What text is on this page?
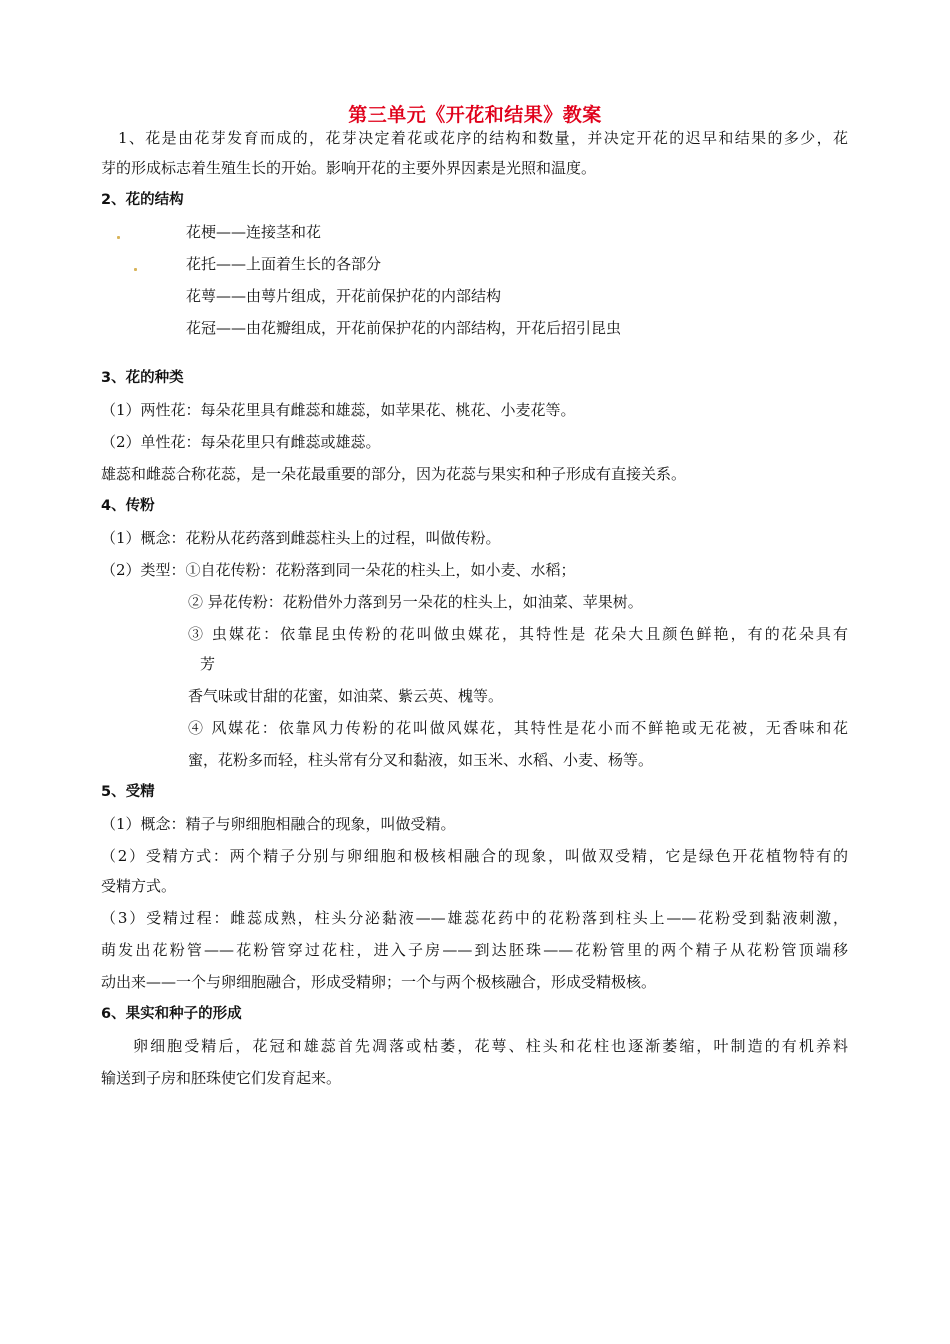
第三单元《开花和结果》教案
1、花是由花芽发育而成的，花芽决定着花或花序的结构和数量，并决定开花的迟早和结果的多少，花
芽的形成标志着生殖生长的开始。影响开花的主要外界因素是光照和温度。
2、花的结构
花梗——连接茎和花
花托——上面着生长的各部分
花萼——由萼片组成，开花前保护花的内部结构
花冠——由花瓣组成，开花前保护花的内部结构，开花后招引昆虫
3、花的种类
（1）两性花：每朵花里具有雌蕊和雄蕊，如苹果花、桃花、小麦花等。
（2）单性花：每朵花里只有雌蕊或雄蕊。
雄蕊和雌蕊合称花蕊，是一朵花最重要的部分，因为花蕊与果实和种子形成有直接关系。
4、传粉
（1）概念：花粉从花药落到雌蕊柱头上的过程，叫做传粉。
（2）类型：①自花传粉：花粉落到同一朵花的柱头上，如小麦、水稻；
② 异花传粉：花粉借外力落到另一朵花的柱头上，如油菜、苹果树。
③ 虫媒花：依靠昆虫传粉的花叫做虫媒花，其特性是 花朵大且颜色鲜艳，有的花朵具有
芳
香气味或甘甜的花蜜，如油菜、紫云英、槐等。
④ 风媒花：依靠风力传粉的花叫做风媒花，其特性是花小而不鲜艳或无花被，无香味和花
蜜，花粉多而轻，柱头常有分叉和黏液，如玉米、水稻、小麦、杨等。
5、受精
（1）概念：精子与卵细胞相融合的现象，叫做受精。
（2）受精方式：两个精子分别与卵细胞和极核相融合的现象，叫做双受精，它是绿色开花植物特有的
受精方式。
（3）受精过程：雌蕊成熟，柱头分泌黏液——雄蕊花药中的花粉落到柱头上——花粉受到黏液刺激，
萌发出花粉管——花粉管穿过花柱，进入子房——到达胚珠——花粉管里的两个精子从花粉管顶端移
动出来——一个与卵细胞融合，形成受精卵；一个与两个极核融合，形成受精极核。
6、果实和种子的形成
卵细胞受精后，花冠和雄蕊首先凋落或枯萎，花萼、柱头和花柱也逐渐萎缩，叶制造的有机养料
输送到子房和胚珠使它们发育起来。
